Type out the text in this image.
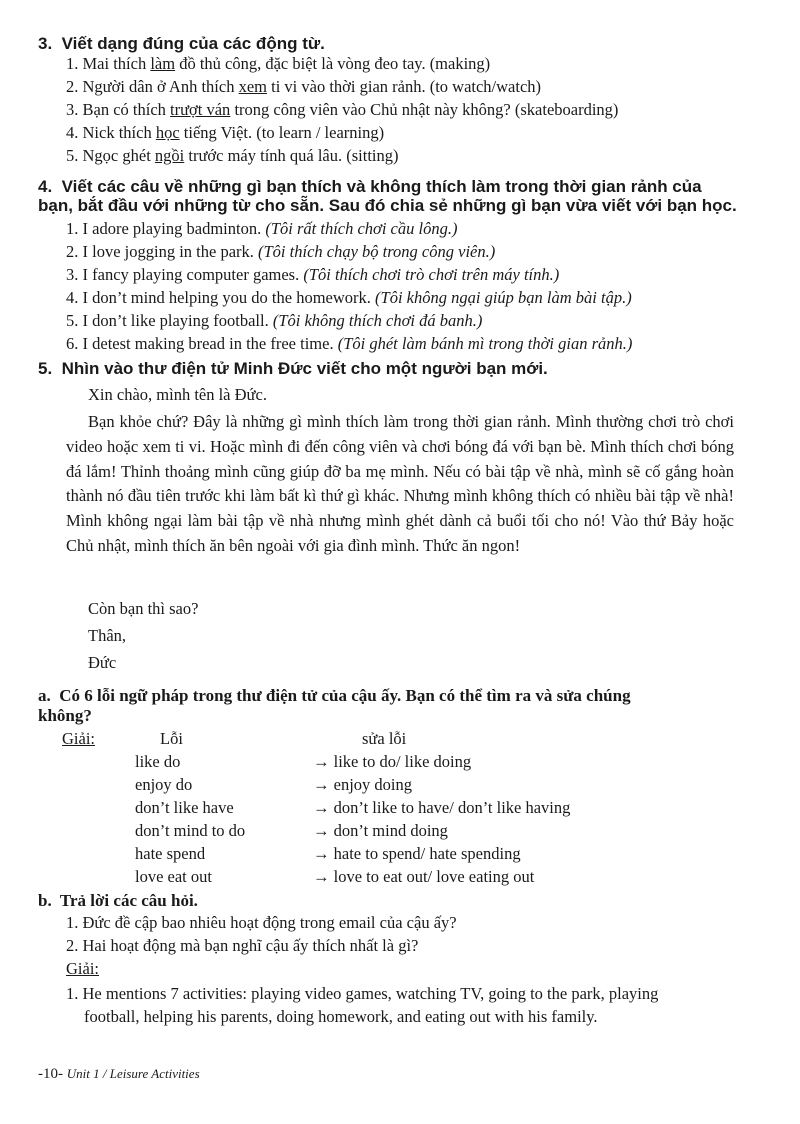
3. Viết dạng đúng của các động từ.
1. Mai thích làm đồ thủ công, đặc biệt là vòng đeo tay. (making)
2. Người dân ở Anh thích xem ti vi vào thời gian rảnh. (to watch/watch)
3. Bạn có thích trượt ván trong công viên vào Chủ nhật này không? (skateboarding)
4. Nick thích học tiếng Việt. (to learn / learning)
5. Ngọc ghét ngồi trước máy tính quá lâu. (sitting)
4. Viết các câu về những gì bạn thích và không thích làm trong thời gian rảnh của
bạn, bắt đầu với những từ cho sẵn. Sau đó chia sẻ những gì bạn vừa viết với bạn học.
1. I adore playing badminton. (Tôi rất thích chơi cầu lông.)
2. I love jogging in the park. (Tôi thích chạy bộ trong công viên.)
3. I fancy playing computer games. (Tôi thích chơi trò chơi trên máy tính.)
4. I don’t mind helping you do the homework. (Tôi không ngại giúp bạn làm bài tập.)
5. I don’t like playing football. (Tôi không thích chơi đá banh.)
6. I detest making bread in the free time. (Tôi ghét làm bánh mì trong thời gian rảnh.)
5. Nhìn vào thư điện tử Minh Đức viết cho một người bạn mới.
Xin chào, mình tên là Đức.
Bạn khỏe chứ? Đây là những gì mình thích làm trong thời gian rảnh. Mình thường chơi trò chơi video hoặc xem ti vi. Hoặc mình đi đến công viên và chơi bóng đá với bạn bè. Mình thích chơi bóng đá lắm! Thỉnh thoảng mình cũng giúp đỡ ba mẹ mình. Nếu có bài tập về nhà, mình sẽ cố gắng hoàn thành nó đầu tiên trước khi làm bất kì thứ gì khác. Nhưng mình không thích có nhiều bài tập về nhà! Mình không ngại làm bài tập về nhà nhưng mình ghét dành cả buổi tối cho nó! Vào thứ Bảy hoặc Chủ nhật, mình thích ăn bên ngoài với gia đình mình. Thức ăn ngon!
Còn bạn thì sao?
Thân,
Đức
a. Có 6 lỗi ngữ pháp trong thư điện tử của cậu ấy. Bạn có thể tìm ra và sửa chúng
không?
Giải:	Lỗi	sửa lỗi
like do	→ like to do/ like doing
enjoy do	→ enjoy doing
don’t like have	→ don’t like to have/ don’t like having
don’t mind to do	→ don’t mind doing
hate spend	→ hate to spend/ hate spending
love eat out	→ love to eat out/ love eating out
b. Trả lời các câu hỏi.
1. Đức đề cập bao nhiêu hoạt động trong email của cậu ấy?
2. Hai hoạt động mà bạn nghĩ cậu ấy thích nhất là gì?
Giải:
1. He mentions 7 activities: playing video games, watching TV, going to the park, playing
football, helping his parents, doing homework, and eating out with his family.
-10- Unit 1 / Leisure Activities
